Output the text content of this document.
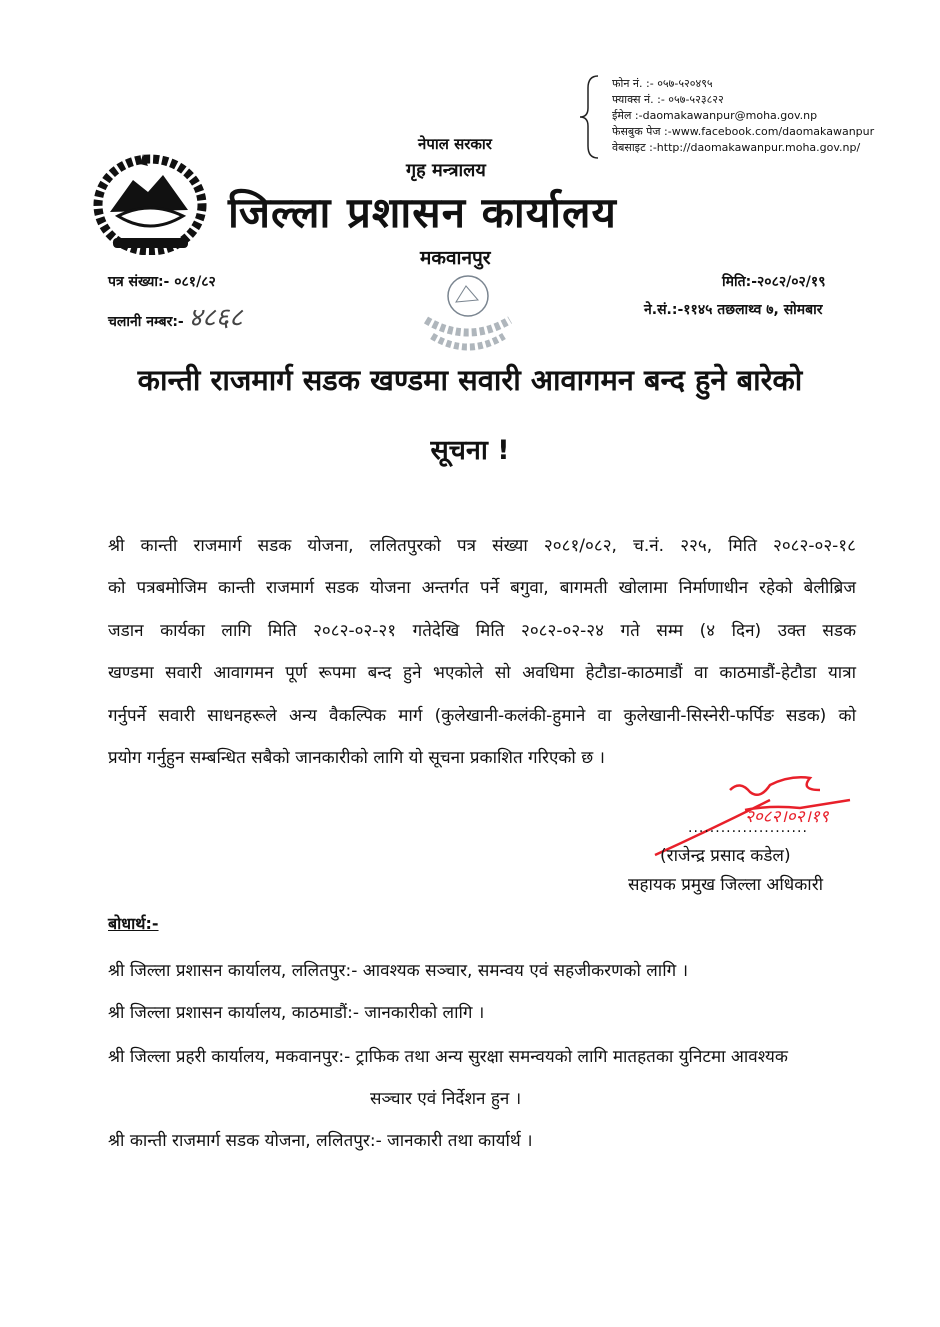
फोन नं. :- ०५७-५२०४९५
फ्याक्स नं. :- ०५७-५२३८२२
ईमेल :-daomakawanpur@moha.gov.np
फेसबुक पेज :-www.facebook.com/daomakawanpur
वेबसाइट :-http://daomakawanpur.moha.gov.np/
नेपाल सरकार
गृह मन्त्रालय
जिल्ला प्रशासन कार्यालय
मकवानपुर
पत्र संख्या:- ०८१/८२
चलानी नम्बर:- ४८६८
मिति:-२०८२/०२/१९
ने.सं.:-११४५ तछलाथ्व ७, सोमबार
कान्ती राजमार्ग सडक खण्डमा सवारी आवागमन बन्द हुने बारेको
सूचना !
श्री कान्ती राजमार्ग सडक योजना, ललितपुरको पत्र संख्या २०८१/०८२, च.नं. २२५, मिति २०८२-०२-१८
को पत्रबमोजिम कान्ती राजमार्ग सडक योजना अन्तर्गत पर्ने बगुवा, बागमती खोलामा निर्माणाधीन रहेको बेलीब्रिज
जडान कार्यका लागि मिति २०८२-०२-२१ गतेदेखि मिति २०८२-०२-२४ गते सम्म (४ दिन) उक्त सडक
खण्डमा सवारी आवागमन पूर्ण रूपमा बन्द हुने भएकोले सो अवधिमा हेटौडा-काठमाडौं वा काठमाडौं-हेटौडा यात्रा
गर्नुपर्ने सवारी साधनहरूले अन्य वैकल्पिक मार्ग (कुलेखानी-कलंकी-हुमाने वा कुलेखानी-सिस्नेरी-फर्पिङ सडक) को
प्रयोग गर्नुहुन सम्बन्धित सबैको जानकारीको लागि यो सूचना प्रकाशित गरिएको छ ।
२०८२।०२।१९
......................
(राजेन्द्र प्रसाद कडेल)
सहायक प्रमुख जिल्ला अधिकारी
बोधार्थ:-
श्री जिल्ला प्रशासन कार्यालय, ललितपुर:- आवश्यक सञ्चार, समन्वय एवं सहजीकरणको लागि ।
श्री जिल्ला प्रशासन कार्यालय, काठमाडौं:- जानकारीको लागि ।
श्री जिल्ला प्रहरी कार्यालय, मकवानपुर:- ट्राफिक तथा अन्य सुरक्षा समन्वयको लागि मातहतका युनिटमा आवश्यक
सञ्चार एवं निर्देशन हुन ।
श्री कान्ती राजमार्ग सडक योजना, ललितपुर:- जानकारी तथा कार्यार्थ ।
